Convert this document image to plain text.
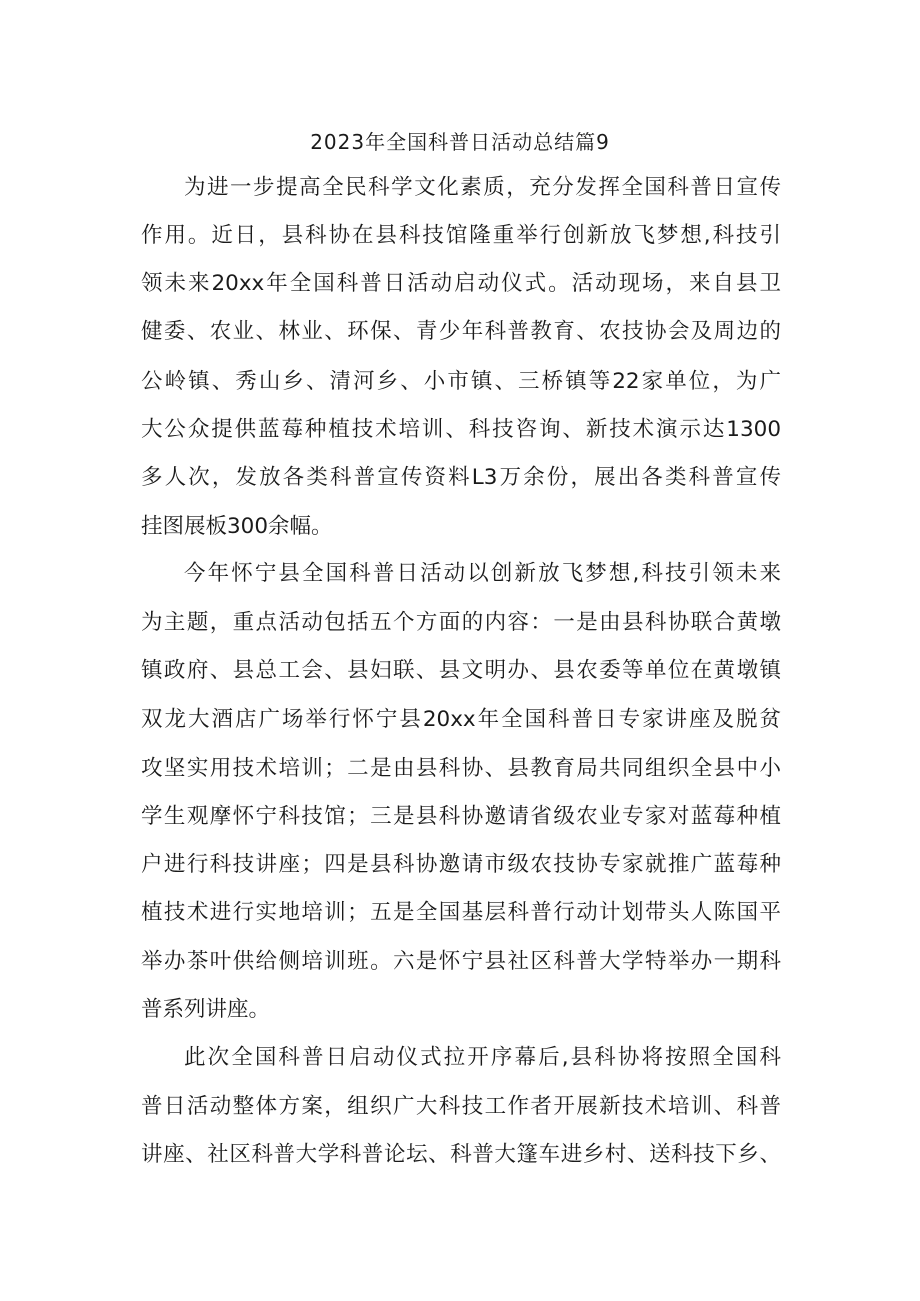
2023年全国科普日活动总结篇9

为进一步提高全民科学文化素质，充分发挥全国科普日宣传

作用。近日，县科协在县科技馆隆重举行创新放飞梦想,科技引

领未来20xx年全国科普日活动启动仪式。活动现场，来自县卫

健委、农业、林业、环保、青少年科普教育、农技协会及周边的

公岭镇、秀山乡、清河乡、小市镇、三桥镇等22家单位，为广

大公众提供蓝莓种植技术培训、科技咨询、新技术演示达1300

多人次，发放各类科普宣传资料L3万余份，展出各类科普宣传

挂图展板300余幅。

今年怀宁县全国科普日活动以创新放飞梦想,科技引领未来

为主题，重点活动包括五个方面的内容：一是由县科协联合黄墩

镇政府、县总工会、县妇联、县文明办、县农委等单位在黄墩镇

双龙大酒店广场举行怀宁县20xx年全国科普日专家讲座及脱贫

攻坚实用技术培训；二是由县科协、县教育局共同组织全县中小

学生观摩怀宁科技馆；三是县科协邀请省级农业专家对蓝莓种植

户进行科技讲座；四是县科协邀请市级农技协专家就推广蓝莓种

植技术进行实地培训；五是全国基层科普行动计划带头人陈国平

举办茶叶供给侧培训班。六是怀宁县社区科普大学特举办一期科

普系列讲座。

此次全国科普日启动仪式拉开序幕后,县科协将按照全国科

普日活动整体方案，组织广大科技工作者开展新技术培训、科普

讲座、社区科普大学科普论坛、科普大篷车进乡村、送科技下乡、
